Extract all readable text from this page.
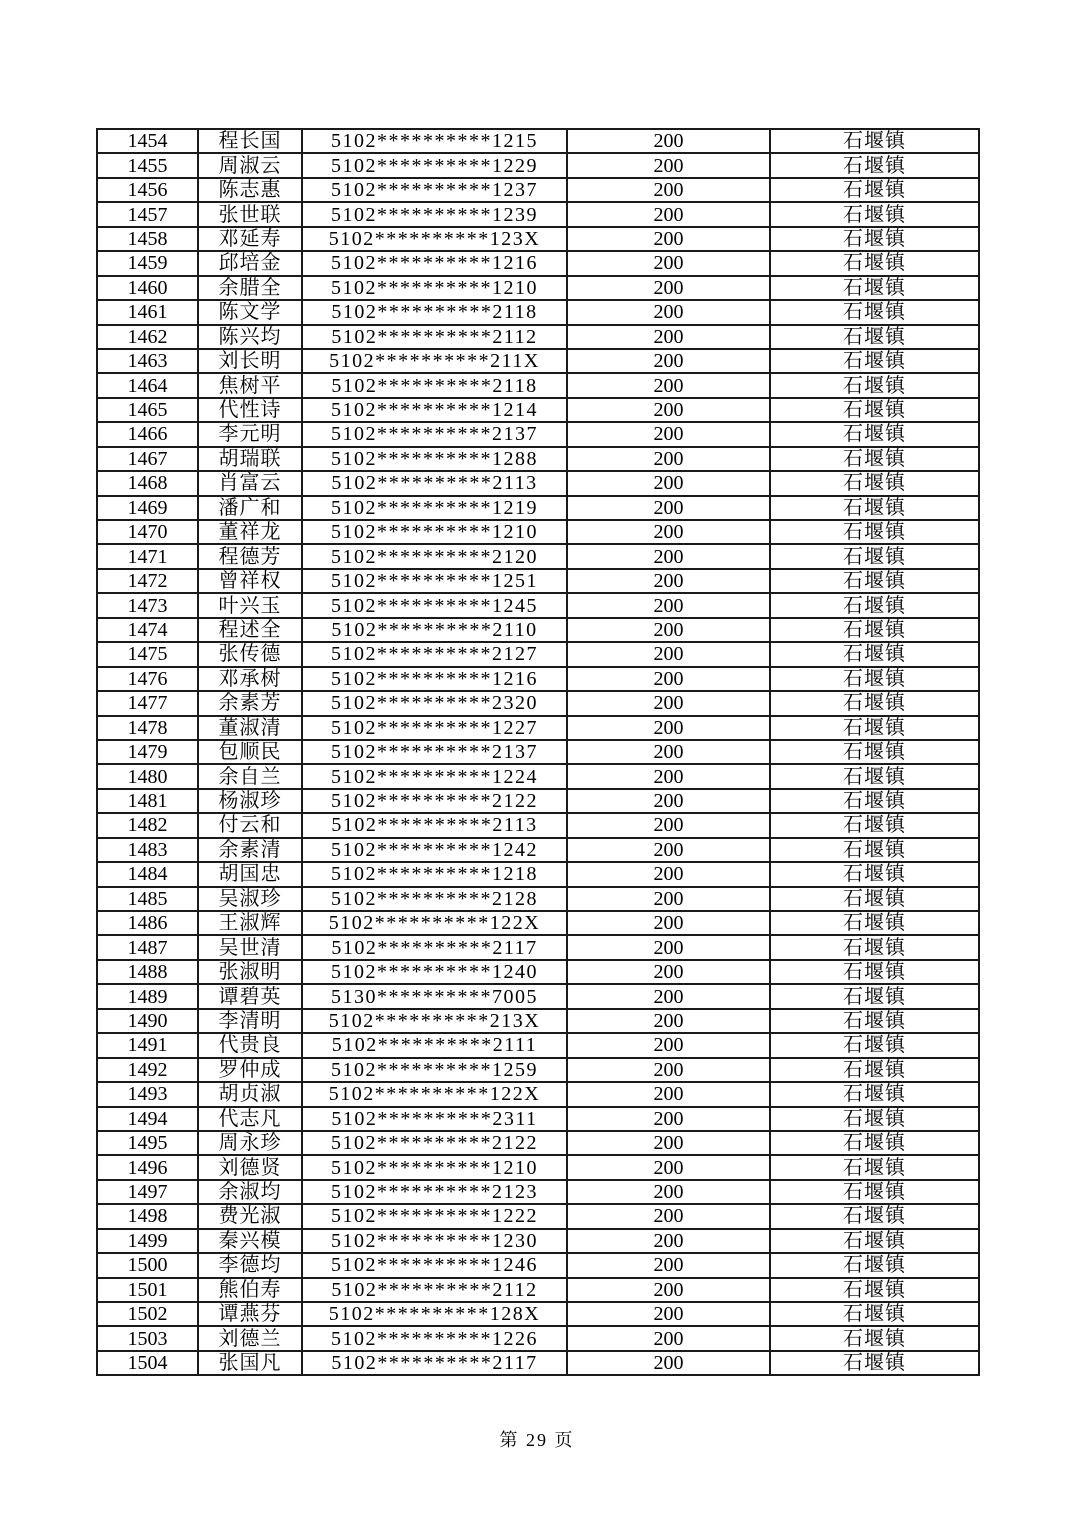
1454	程长国	5102**********1215	200	石堰镇
1455	周淑云	5102**********1229	200	石堰镇
1456	陈志惠	5102**********1237	200	石堰镇
1457	张世联	5102**********1239	200	石堰镇
1458	邓延寿	5102**********123X	200	石堰镇
1459	邱培金	5102**********1216	200	石堰镇
1460	余腊全	5102**********1210	200	石堰镇
1461	陈文学	5102**********2118	200	石堰镇
1462	陈兴均	5102**********2112	200	石堰镇
1463	刘长明	5102**********211X	200	石堰镇
1464	焦树平	5102**********2118	200	石堰镇
1465	代性诗	5102**********1214	200	石堰镇
1466	李元明	5102**********2137	200	石堰镇
1467	胡瑞联	5102**********1288	200	石堰镇
1468	肖富云	5102**********2113	200	石堰镇
1469	潘广和	5102**********1219	200	石堰镇
1470	董祥龙	5102**********1210	200	石堰镇
1471	程德芳	5102**********2120	200	石堰镇
1472	曾祥权	5102**********1251	200	石堰镇
1473	叶兴玉	5102**********1245	200	石堰镇
1474	程述全	5102**********2110	200	石堰镇
1475	张传德	5102**********2127	200	石堰镇
1476	邓承树	5102**********1216	200	石堰镇
1477	余素芳	5102**********2320	200	石堰镇
1478	董淑清	5102**********1227	200	石堰镇
1479	包顺民	5102**********2137	200	石堰镇
1480	余自兰	5102**********1224	200	石堰镇
1481	杨淑珍	5102**********2122	200	石堰镇
1482	付云和	5102**********2113	200	石堰镇
1483	余素清	5102**********1242	200	石堰镇
1484	胡国忠	5102**********1218	200	石堰镇
1485	吴淑珍	5102**********2128	200	石堰镇
1486	王淑辉	5102**********122X	200	石堰镇
1487	吴世清	5102**********2117	200	石堰镇
1488	张淑明	5102**********1240	200	石堰镇
1489	谭碧英	5130**********7005	200	石堰镇
1490	李清明	5102**********213X	200	石堰镇
1491	代贵良	5102**********2111	200	石堰镇
1492	罗仲成	5102**********1259	200	石堰镇
1493	胡贞淑	5102**********122X	200	石堰镇
1494	代志凡	5102**********2311	200	石堰镇
1495	周永珍	5102**********2122	200	石堰镇
1496	刘德贤	5102**********1210	200	石堰镇
1497	余淑均	5102**********2123	200	石堰镇
1498	费光淑	5102**********1222	200	石堰镇
1499	秦兴模	5102**********1230	200	石堰镇
1500	李德均	5102**********1246	200	石堰镇
1501	熊伯寿	5102**********2112	200	石堰镇
1502	谭燕芬	5102**********128X	200	石堰镇
1503	刘德兰	5102**********1226	200	石堰镇
1504	张国凡	5102**********2117	200	石堰镇
第 29 页
